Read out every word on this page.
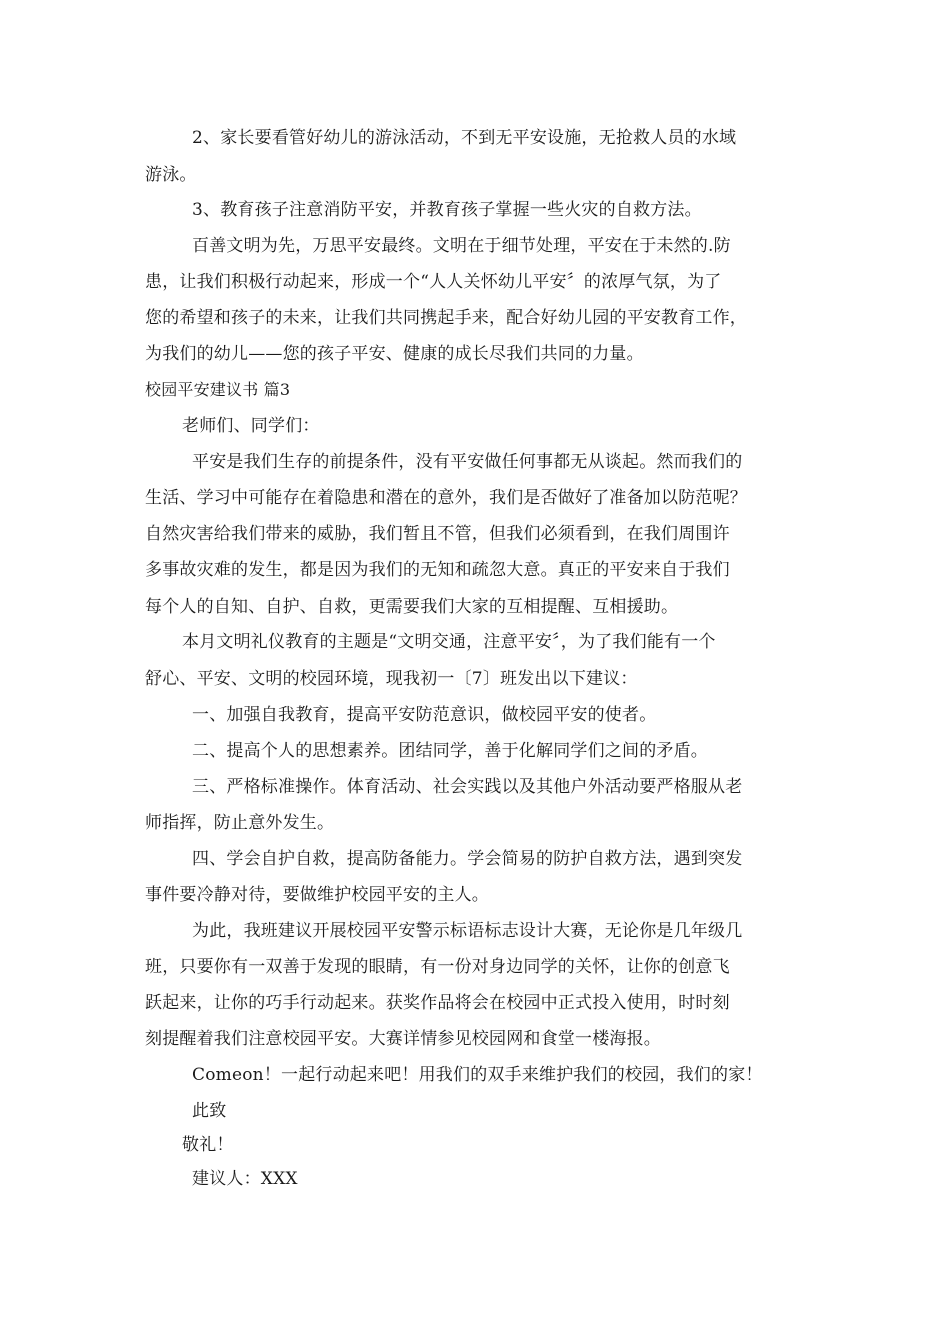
2、家长要看管好幼儿的游泳活动，不到无平安设施，无抢救人员的水域

游泳。

3、教育孩子注意消防平安，并教育孩子掌握一些火灾的自救方法。

百善文明为先，万思平安最终。文明在于细节处理，平安在于未然的.防

患，让我们积极行动起来，形成一个“人人关怀幼儿平安〞的浓厚气氛，为了

您的希望和孩子的未来，让我们共同携起手来，配合好幼儿园的平安教育工作，

为我们的幼儿——您的孩子平安、健康的成长尽我们共同的力量。

校园平安建议书 篇3

老师们、同学们：

平安是我们生存的前提条件，没有平安做任何事都无从谈起。然而我们的

生活、学习中可能存在着隐患和潜在的意外，我们是否做好了准备加以防范呢？

自然灾害给我们带来的威胁，我们暂且不管，但我们必须看到，在我们周围许

多事故灾难的发生，都是因为我们的无知和疏忽大意。真正的平安来自于我们

每个人的自知、自护、自救，更需要我们大家的互相提醒、互相援助。

本月文明礼仪教育的主题是“文明交通，注意平安〞，为了我们能有一个

舒心、平安、文明的校园环境，现我初一〔7〕班发出以下建议：

一、加强自我教育，提高平安防范意识，做校园平安的使者。

二、提高个人的思想素养。团结同学，善于化解同学们之间的矛盾。

三、严格标准操作。体育活动、社会实践以及其他户外活动要严格服从老

师指挥，防止意外发生。

四、学会自护自救，提高防备能力。学会简易的防护自救方法，遇到突发

事件要冷静对待，要做维护校园平安的主人。

为此，我班建议开展校园平安警示标语标志设计大赛，无论你是几年级几

班，只要你有一双善于发现的眼睛，有一份对身边同学的关怀，让你的创意飞

跃起来，让你的巧手行动起来。获奖作品将会在校园中正式投入使用，时时刻

刻提醒着我们注意校园平安。大赛详情参见校园网和食堂一楼海报。

Comeon！一起行动起来吧！用我们的双手来维护我们的校园，我们的家！

此致

敬礼！

建议人：XXX
